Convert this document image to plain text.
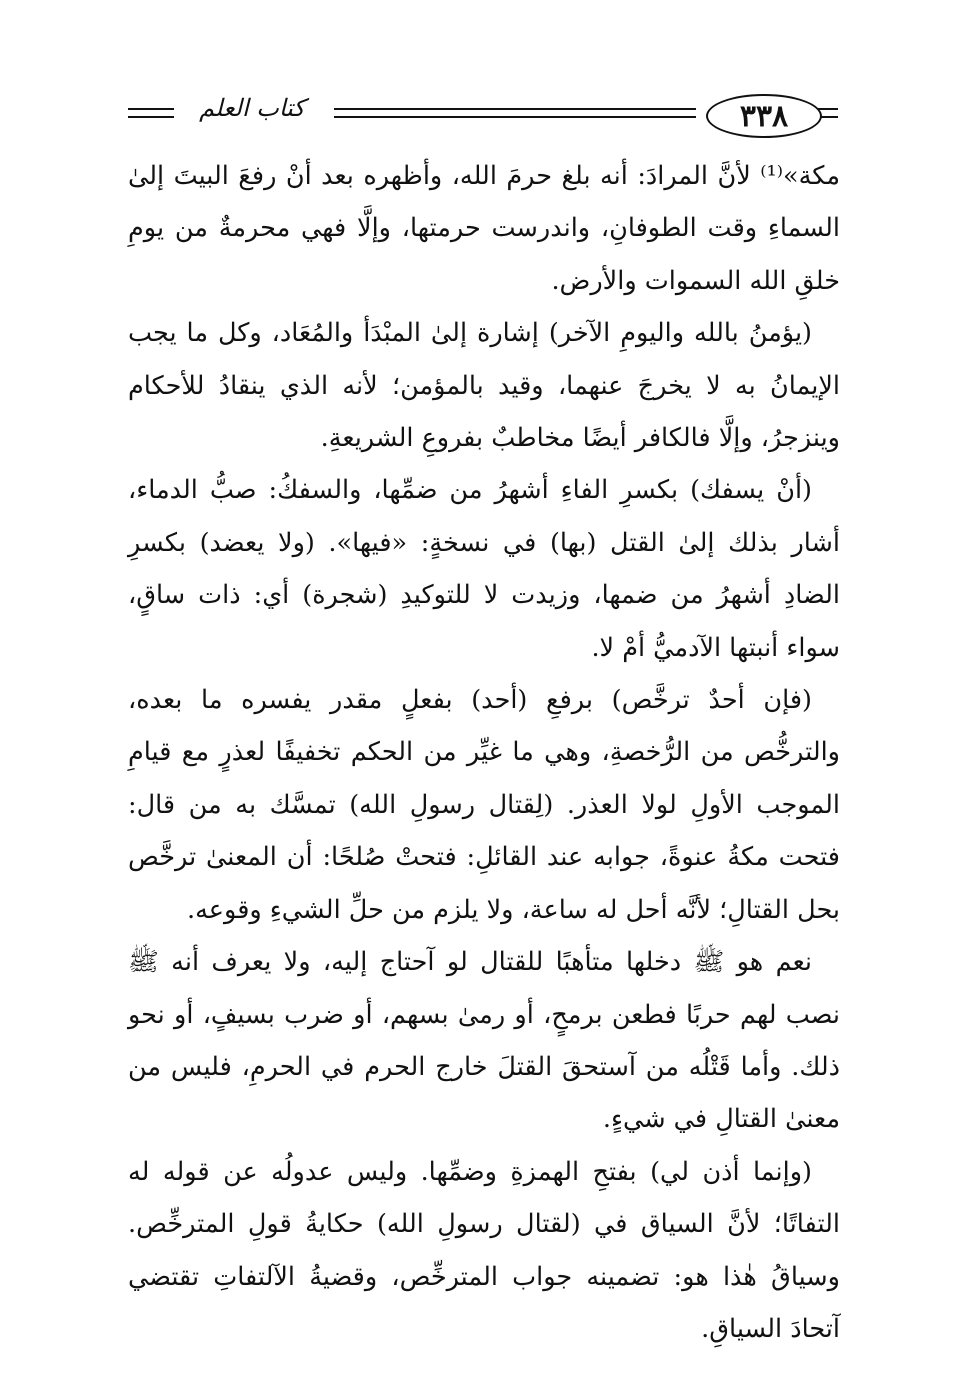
٣٣٨
كتاب العلم

مكة»⁽¹⁾ لأنَّ المرادَ: أنه بلغ حرمَ الله، وأظهره بعد أنْ رفعَ البيتَ إلىٰ السماءِ وقت الطوفانِ، واندرست حرمتها، وإلَّا فهي محرمةٌ من يومِ خلقِ الله السموات والأرض.

(يؤمنُ بالله واليومِ الآخر) إشارة إلىٰ المبْدَأ والمُعَاد، وكل ما يجب الإيمانُ به لا يخرجَ عنهما، وقيد بالمؤمن؛ لأنه الذي ينقادُ للأحكام وينزجرُ، وإلَّا فالكافر أيضًا مخاطبٌ بفروعِ الشريعةِ.

(أنْ يسفك) بكسرِ الفاءِ أشهرُ من ضمِّها، والسفكُ: صبُّ الدماء، أشار بذلك إلىٰ القتل (بها) في نسخةٍ: «فيها». (ولا يعضد) بكسرِ الضادِ أشهرُ من ضمها، وزيدت لا للتوكيدِ (شجرة) أي: ذات ساقٍ، سواء أنبتها الآدميُّ أمْ لا.

(فإن أحدٌ ترخَّص) برفعِ (أحد) بفعلٍ مقدر يفسره ما بعده، والترخُّص من الرُّخصةِ، وهي ما غيِّر من الحكم تخفيفًا لعذرٍ مع قيامِ الموجب الأولِ لولا العذر. (لِقتال رسولِ الله) تمسَّك به من قال: فتحت مكةُ عنوةً، جوابه عند القائلِ: فتحتْ صُلحًا: أن المعنىٰ ترخَّص بحل القتالِ؛ لأنَّه أحل له ساعة، ولا يلزم من حلِّ الشيءِ وقوعه.

نعم هو ﷺ دخلها متأهبًا للقتال لو آحتاج إليه، ولا يعرف أنه ﷺ نصب لهم حربًا فطعن برمحٍ، أو رمىٰ بسهم، أو ضرب بسيفٍ، أو نحو ذلك. وأما قَتْلُه من آستحقَ القتلَ خارج الحرم في الحرمِ، فليس من معنىٰ القتالِ في شيءٍ.

(وإنما أذن لي) بفتحِ الهمزةِ وضمِّها. وليس عدولُه عن قوله له التفاتًا؛ لأنَّ السياق في (لقتال رسولِ الله) حكايةُ قولِ المترخِّص. وسياقُ هٰذا هو: تضمينه جواب المترخِّص، وقضيةُ الآلتفاتِ تقتضي آتحادَ السياقِ.
